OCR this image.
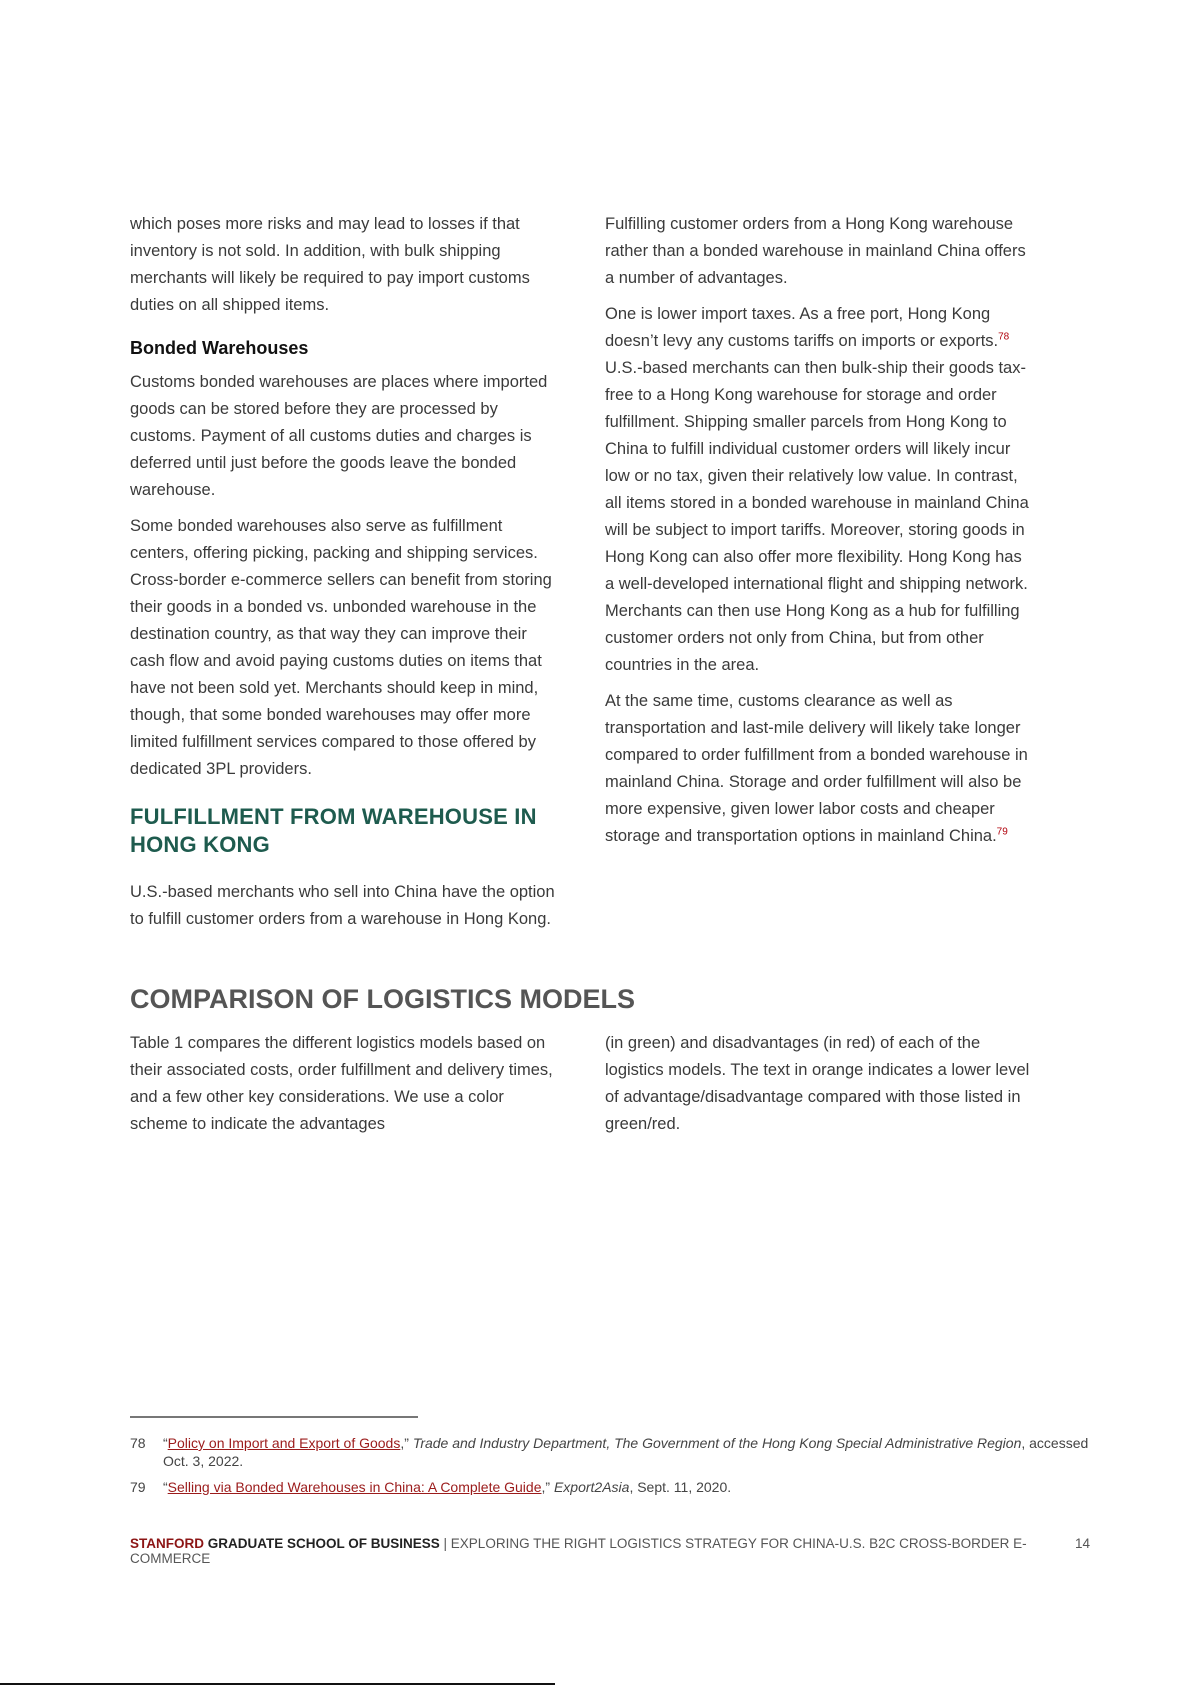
which poses more risks and may lead to losses if that inventory is not sold. In addition, with bulk shipping merchants will likely be required to pay import customs duties on all shipped items.

Bonded Warehouses

Customs bonded warehouses are places where imported goods can be stored before they are processed by customs. Payment of all customs duties and charges is deferred until just before the goods leave the bonded warehouse.

Some bonded warehouses also serve as fulfillment centers, offering picking, packing and shipping services. Cross-border e-commerce sellers can benefit from storing their goods in a bonded vs. unbonded warehouse in the destination country, as that way they can improve their cash flow and avoid paying customs duties on items that have not been sold yet. Merchants should keep in mind, though, that some bonded warehouses may offer more limited fulfillment services compared to those offered by dedicated 3PL providers.

FULFILLMENT FROM WAREHOUSE IN HONG KONG

U.S.-based merchants who sell into China have the option to fulfill customer orders from a warehouse in Hong Kong.

Fulfilling customer orders from a Hong Kong warehouse rather than a bonded warehouse in mainland China offers a number of advantages.

One is lower import taxes. As a free port, Hong Kong doesn’t levy any customs tariffs on imports or exports.$^{78}$ U.S.-based merchants can then bulk-ship their goods tax-free to a Hong Kong warehouse for storage and order fulfillment. Shipping smaller parcels from Hong Kong to China to fulfill individual customer orders will likely incur low or no tax, given their relatively low value. In contrast, all items stored in a bonded warehouse in mainland China will be subject to import tariffs. Moreover, storing goods in Hong Kong can also offer more flexibility. Hong Kong has a well-developed international flight and shipping network. Merchants can then use Hong Kong as a hub for fulfilling customer orders not only from China, but from other countries in the area.

At the same time, customs clearance as well as transportation and last-mile delivery will likely take longer compared to order fulfillment from a bonded warehouse in mainland China. Storage and order fulfillment will also be more expensive, given lower labor costs and cheaper storage and transportation options in mainland China.$^{79}$

COMPARISON OF LOGISTICS MODELS

Table 1 compares the different logistics models based on their associated costs, order fulfillment and delivery times, and a few other key considerations. We use a color scheme to indicate the advantages

(in green) and disadvantages (in red) of each of the logistics models. The text in orange indicates a lower level of advantage/disadvantage compared with those listed in green/red.

78	“Policy on Import and Export of Goods,” Trade and Industry Department, The Government of the Hong Kong Special Administrative Region, accessed Oct. 3, 2022.
79	“Selling via Bonded Warehouses in China: A Complete Guide,” Export2Asia, Sept. 11, 2020.
STANFORD GRADUATE SCHOOL OF BUSINESS | EXPLORING THE RIGHT LOGISTICS STRATEGY FOR CHINA-U.S. B2C CROSS-BORDER E-COMMERCE
14
